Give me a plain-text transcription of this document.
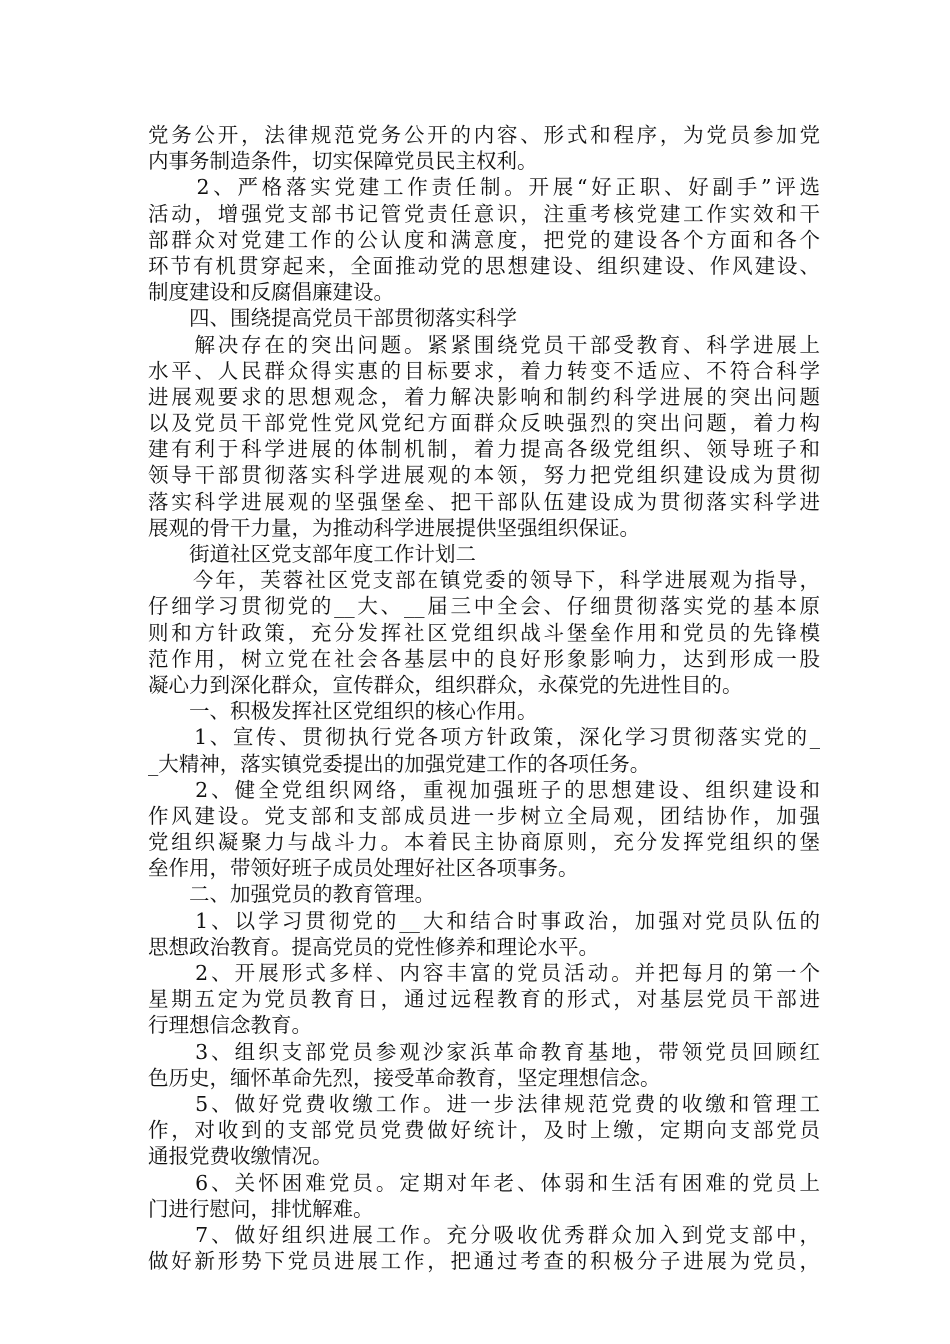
党务公开，法律规范党务公开的内容、形式和程序，为党员参加党
内事务制造条件，切实保障党员民主权利。
　　2、严格落实党建工作责任制。开展“好正职、好副手”评选
活动，增强党支部书记管党责任意识，注重考核党建工作实效和干
部群众对党建工作的公认度和满意度，把党的建设各个方面和各个
环节有机贯穿起来，全面推动党的思想建设、组织建设、作风建设、
制度建设和反腐倡廉建设。
　　四、围绕提高党员干部贯彻落实科学
　　解决存在的突出问题。紧紧围绕党员干部受教育、科学进展上
水平、人民群众得实惠的目标要求，着力转变不适应、不符合科学
进展观要求的思想观念，着力解决影响和制约科学进展的突出问题
以及党员干部党性党风党纪方面群众反映强烈的突出问题，着力构
建有利于科学进展的体制机制，着力提高各级党组织、领导班子和
领导干部贯彻落实科学进展观的本领，努力把党组织建设成为贯彻
落实科学进展观的坚强堡垒、把干部队伍建设成为贯彻落实科学进
展观的骨干力量，为推动科学进展提供坚强组织保证。
　　街道社区党支部年度工作计划二
　　今年，芙蓉社区党支部在镇党委的领导下，科学进展观为指导，
仔细学习贯彻党的__大、__届三中全会、仔细贯彻落实党的基本原
则和方针政策，充分发挥社区党组织战斗堡垒作用和党员的先锋模
范作用，树立党在社会各基层中的良好形象影响力，达到形成一股
凝心力到深化群众，宣传群众，组织群众，永葆党的先进性目的。
　　一、积极发挥社区党组织的核心作用。
　　1、宣传、贯彻执行党各项方针政策，深化学习贯彻落实党的_
_大精神，落实镇党委提出的加强党建工作的各项任务。
　　2、健全党组织网络，重视加强班子的思想建设、组织建设和
作风建设。党支部和支部成员进一步树立全局观，团结协作，加强
党组织凝聚力与战斗力。本着民主协商原则，充分发挥党组织的堡
垒作用，带领好班子成员处理好社区各项事务。
　　二、加强党员的教育管理。
　　1、以学习贯彻党的__大和结合时事政治，加强对党员队伍的
思想政治教育。提高党员的党性修养和理论水平。
　　2、开展形式多样、内容丰富的党员活动。并把每月的第一个
星期五定为党员教育日，通过远程教育的形式，对基层党员干部进
行理想信念教育。
　　3、组织支部党员参观沙家浜革命教育基地，带领党员回顾红
色历史，缅怀革命先烈，接受革命教育，坚定理想信念。
　　5、做好党费收缴工作。进一步法律规范党费的收缴和管理工
作，对收到的支部党员党费做好统计，及时上缴，定期向支部党员
通报党费收缴情况。
　　6、关怀困难党员。定期对年老、体弱和生活有困难的党员上
门进行慰问，排忧解难。
　　7、做好组织进展工作。充分吸收优秀群众加入到党支部中，
做好新形势下党员进展工作，把通过考查的积极分子进展为党员，
